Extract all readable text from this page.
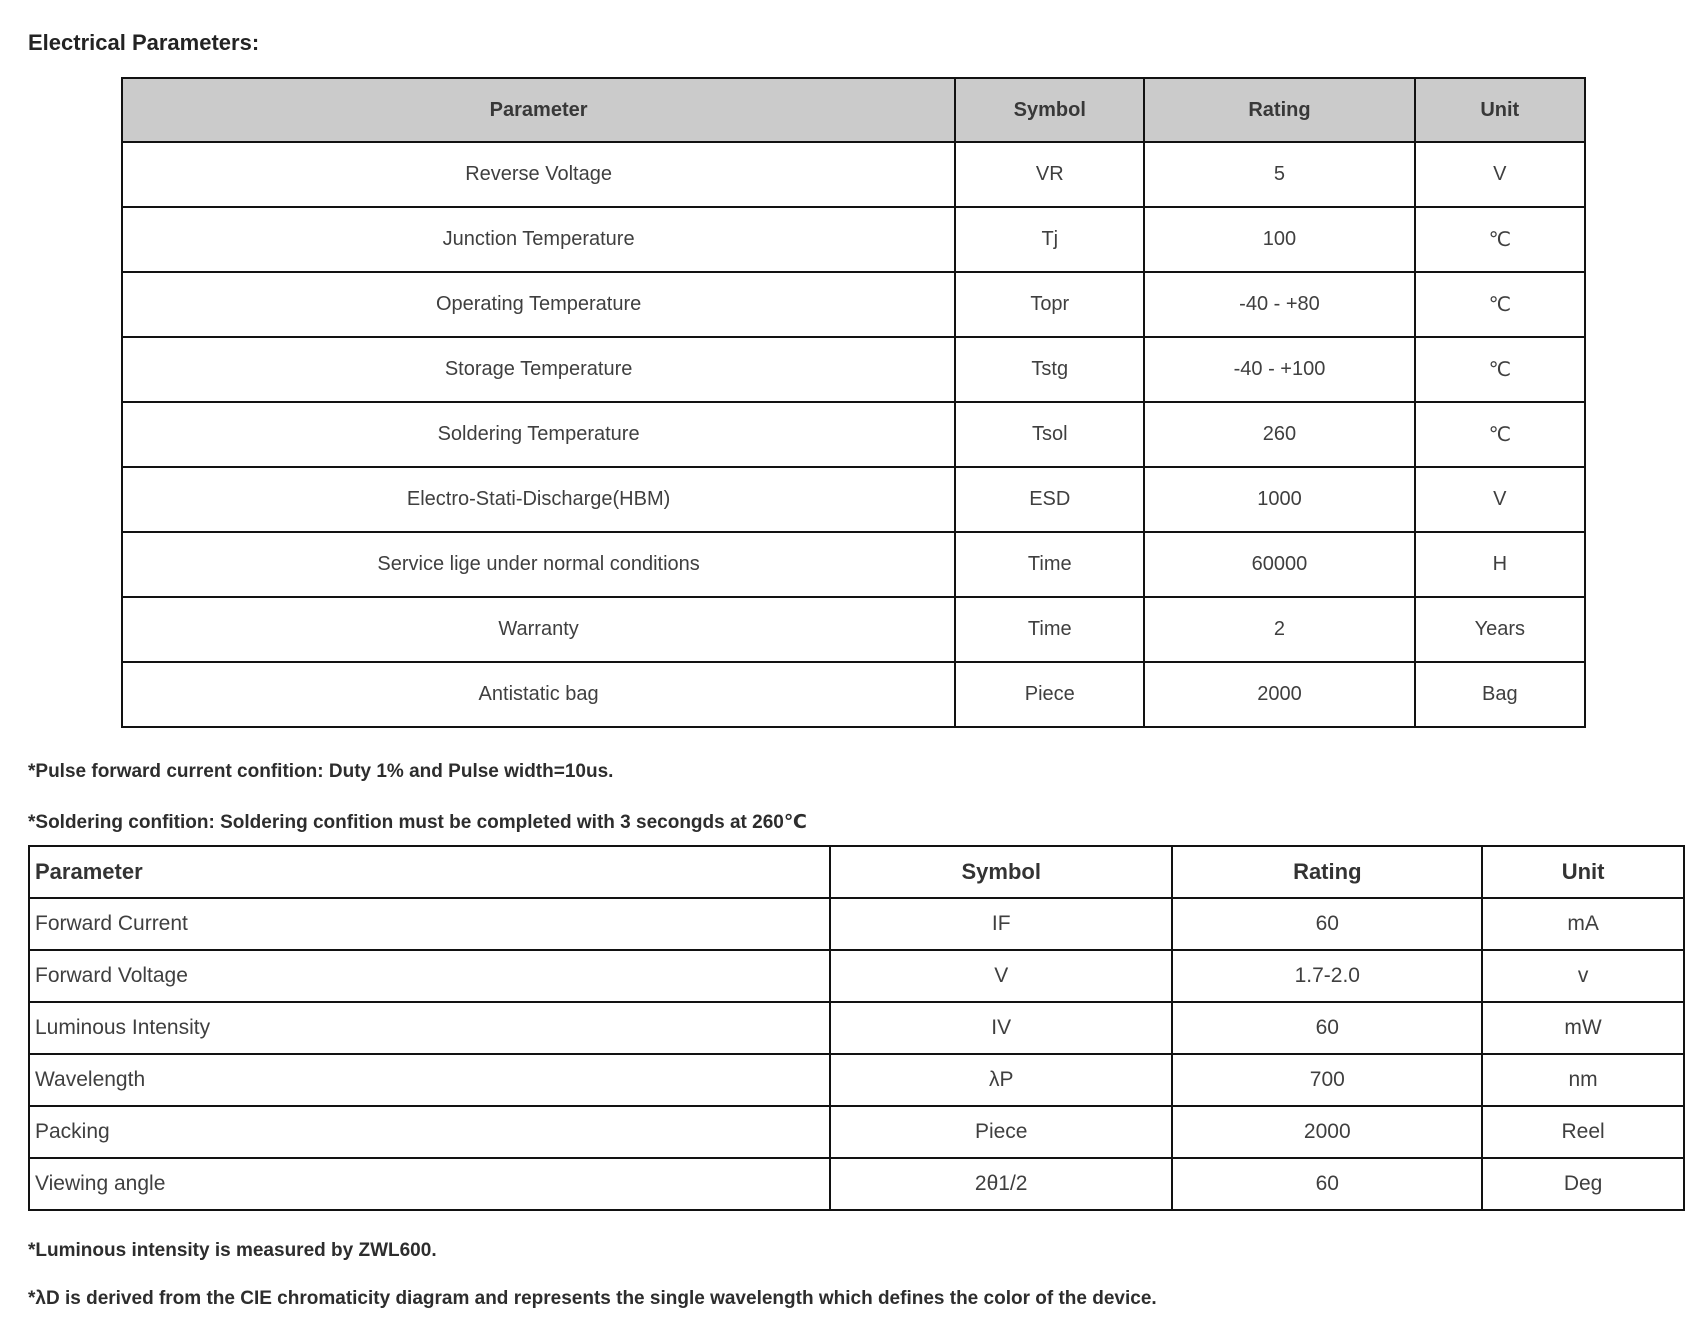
Electrical Parameters:
Parameter	Symbol	Rating	Unit
Reverse Voltage	VR	5	V
Junction Temperature	Tj	100	℃
Operating Temperature	Topr	-40 - +80	℃
Storage Temperature	Tstg	-40 - +100	℃
Soldering Temperature	Tsol	260	℃
Electro-Stati-Discharge(HBM)	ESD	1000	V
Service lige under normal conditions	Time	60000	H
Warranty	Time	2	Years
Antistatic bag	Piece	2000	Bag
*Pulse forward current confition: Duty 1% and Pulse width=10us.
*Soldering confition: Soldering confition must be completed with 3 secongds at 260℃
Parameter	Symbol	Rating	Unit
Forward Current	IF	60	mA
Forward Voltage	V	1.7-2.0	v
Luminous Intensity	IV	60	mW
Wavelength	λP	700	nm
Packing	Piece	2000	Reel
Viewing angle	2θ1/2	60	Deg
*Luminous intensity is measured by ZWL600.
*λD is derived from the CIE chromaticity diagram and represents the single wavelength which defines the color of the device.
